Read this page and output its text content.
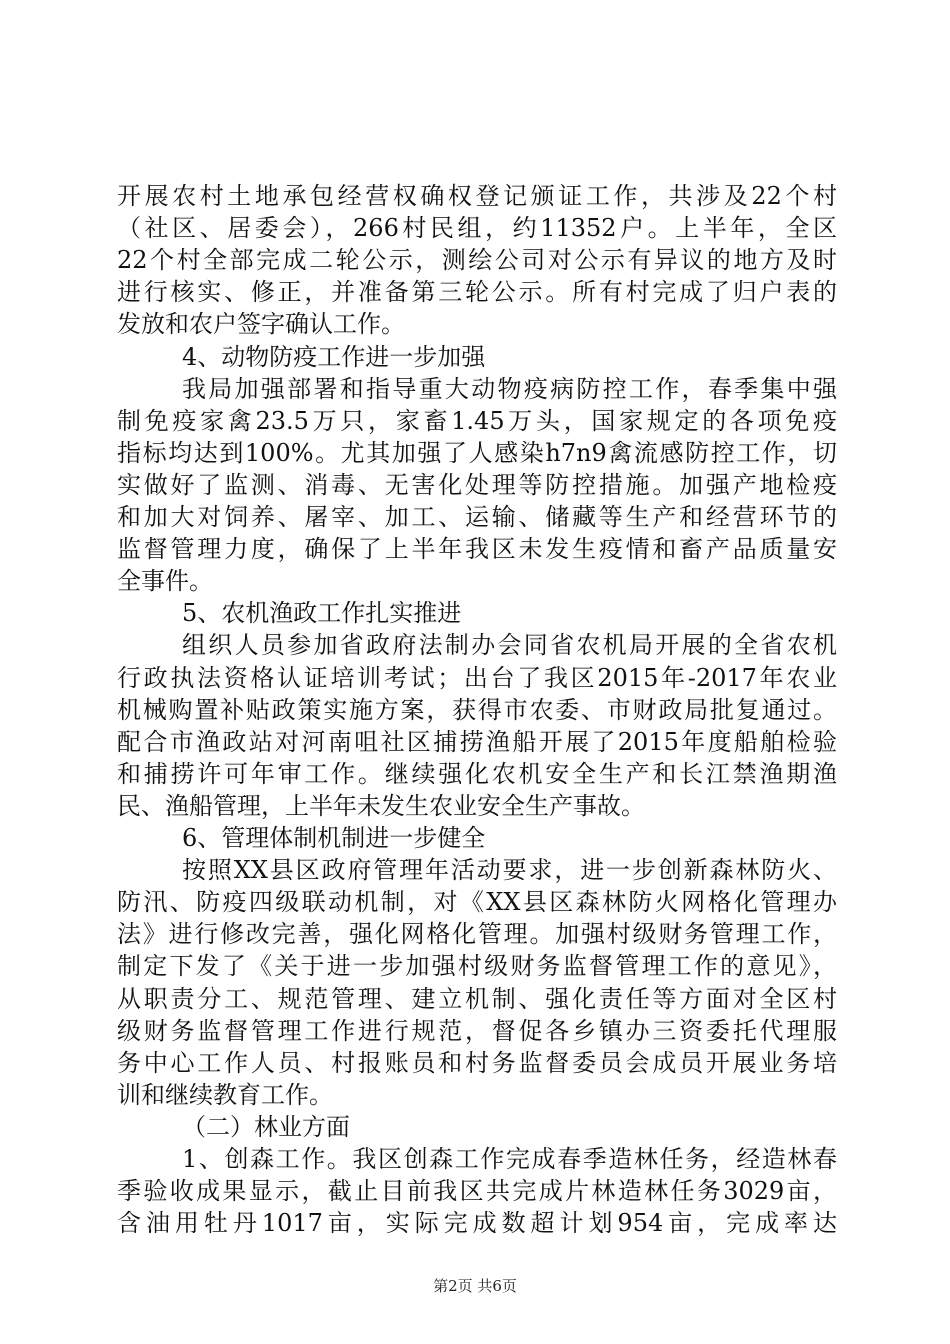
开展农村土地承包经营权确权登记颁证工作，共涉及22个村
（社区、居委会），266村民组，约11352户。上半年，全区
22个村全部完成二轮公示，测绘公司对公示有异议的地方及时
进行核实、修正，并准备第三轮公示。所有村完成了归户表的
发放和农户签字确认工作。
4、动物防疫工作进一步加强
我局加强部署和指导重大动物疫病防控工作，春季集中强
制免疫家禽23.5万只，家畜1.45万头，国家规定的各项免疫
指标均达到100%。尤其加强了人感染h7n9禽流感防控工作，切
实做好了监测、消毒、无害化处理等防控措施。加强产地检疫
和加大对饲养、屠宰、加工、运输、储藏等生产和经营环节的
监督管理力度，确保了上半年我区未发生疫情和畜产品质量安
全事件。
5、农机渔政工作扎实推进
组织人员参加省政府法制办会同省农机局开展的全省农机
行政执法资格认证培训考试；出台了我区2015年-2017年农业
机械购置补贴政策实施方案，获得市农委、市财政局批复通过。
配合市渔政站对河南咀社区捕捞渔船开展了2015年度船舶检验
和捕捞许可年审工作。继续强化农机安全生产和长江禁渔期渔
民、渔船管理，上半年未发生农业安全生产事故。
6、管理体制机制进一步健全
按照XX县区政府管理年活动要求，进一步创新森林防火、
防汛、防疫四级联动机制，对《XX县区森林防火网格化管理办
法》进行修改完善，强化网格化管理。加强村级财务管理工作，
制定下发了《关于进一步加强村级财务监督管理工作的意见》，
从职责分工、规范管理、建立机制、强化责任等方面对全区村
级财务监督管理工作进行规范，督促各乡镇办三资委托代理服
务中心工作人员、村报账员和村务监督委员会成员开展业务培
训和继续教育工作。
（二）林业方面
1、创森工作。我区创森工作完成春季造林任务，经造林春
季验收成果显示，截止目前我区共完成片林造林任务3029亩，
含油用牡丹1017亩，实际完成数超计划954亩，完成率达
第2页 共6页
